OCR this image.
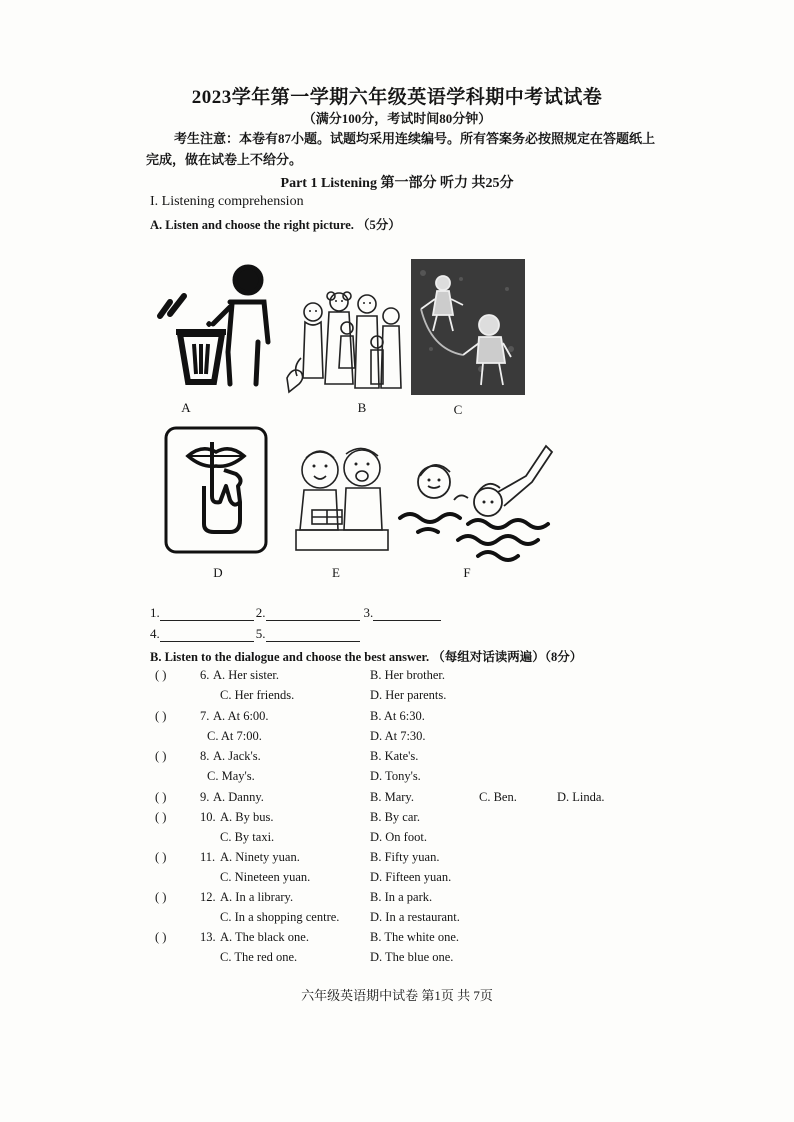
2023学年第一学期六年级英语学科期中考试试卷
（满分100分，考试时间80分钟）
考生注意：本卷有87小题。试题均采用连续编号。所有答案务必按照规定在答题纸上
完成，做在试卷上不给分。
Part 1 Listening 第一部分 听力 共25分
I. Listening comprehension
A. Listen and choose the right picture. （5分）
A	B	C
D	E	F
1.	2.	3.
4.	5.
B. Listen to the dialogue and choose the best answer. （每组对话读两遍）（8分）
( )	6. A. Her sister.	B. Her brother.
C. Her friends.	D. Her parents.
( )	7. A. At 6:00.	B. At 6:30.
C. At 7:00.	D. At 7:30.
( )	8. A. Jack's.	B. Kate's.
C. May's.	D. Tony's.
( )	9. A. Danny.	B. Mary.	C. Ben.	D. Linda.
( )	10. A. By bus.	B. By car.
C. By taxi.	D. On foot.
( )	11. A. Ninety yuan.	B. Fifty yuan.
C. Nineteen yuan.	D. Fifteen yuan.
( )	12. A. In a library.	B. In a park.
C. In a shopping centre. D. In a restaurant.
( )	13. A. The black one.	B. The white one.
C. The red one.	D. The blue one.
六年级英语期中试卷 第1页 共 7页
